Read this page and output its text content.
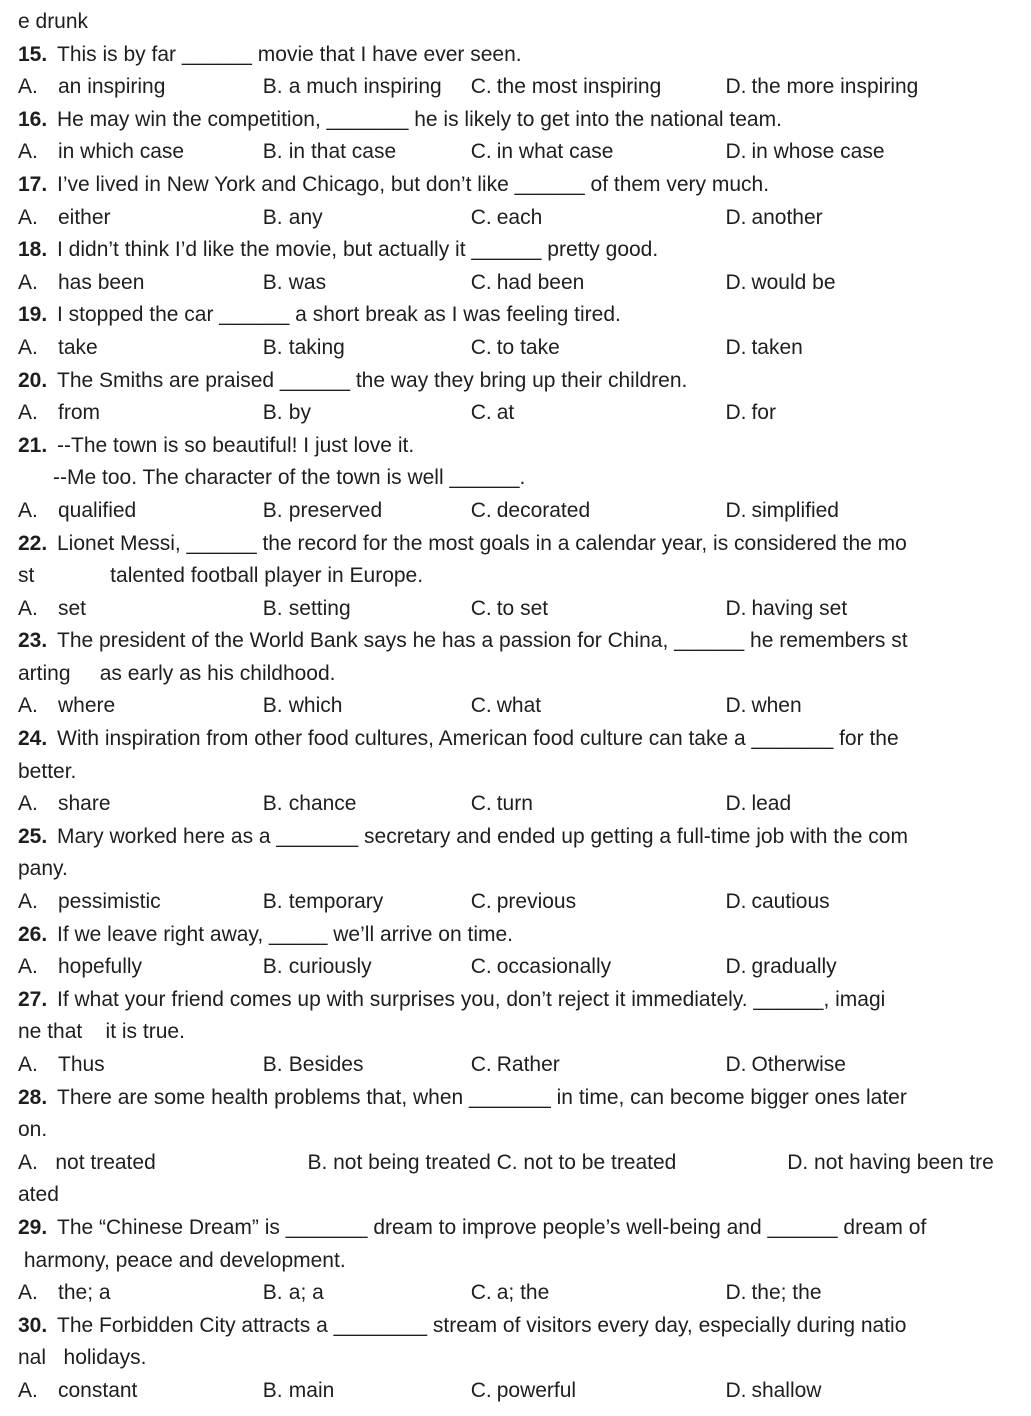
e drunk
15. This is by far ______ movie that I have ever seen.
A. an inspiring	B. a much inspiring	C. the most inspiring	D. the more inspiring
16. He may win the competition, _______ he is likely to get into the national team.
A. in which case	B. in that case	C. in what case	D. in whose case
17. I’ve lived in New York and Chicago, but don’t like ______ of them very much.
A. either	B. any	C. each	D. another
18. I didn’t think I’d like the movie, but actually it ______ pretty good.
A. has been	B. was	C. had been	D. would be
19. I stopped the car ______ a short break as I was feeling tired.
A. take	B. taking	C. to take	D. taken
20. The Smiths are praised ______ the way they bring up their children.
A. from	B. by	C. at	D. for
21. --The town is so beautiful! I just love it.
--Me too. The character of the town is well ______.
A. qualified	B. preserved	C. decorated	D. simplified
22. Lionet Messi, ______ the record for the most goals in a calendar year, is considered the mo
st             talented football player in Europe.
A. set	B. setting	C. to set	D. having set
23. The president of the World Bank says he has a passion for China, ______ he remembers st
arting     as early as his childhood.
A. where	B. which	C. what	D. when
24. With inspiration from other food cultures, American food culture can take a _______ for the
better.
A. share	B. chance	C. turn	D. lead
25. Mary worked here as a _______ secretary and ended up getting a full-time job with the com
pany.
A. pessimistic	B. temporary	C. previous	D. cautious
26. If we leave right away, _____ we’ll arrive on time.
A. hopefully	B. curiously	C. occasionally	D. gradually
27. If what your friend comes up with surprises you, don’t reject it immediately. ______, imagi
ne that    it is true.
A. Thus	B. Besides	C. Rather	D. Otherwise
28. There are some health problems that, when _______ in time, can become bigger ones later
on.
A.   not treated                          B. not being treated C. not to be treated                   D. not having been tre
ated
29. The “Chinese Dream” is _______ dream to improve people’s well-being and ______ dream of
harmony, peace and development.
A. the; a	B. a; a	C. a; the	D. the; the
30. The Forbidden City attracts a ________ stream of visitors every day, especially during natio
nal   holidays.
A. constant	B. main	C. powerful	D. shallow
